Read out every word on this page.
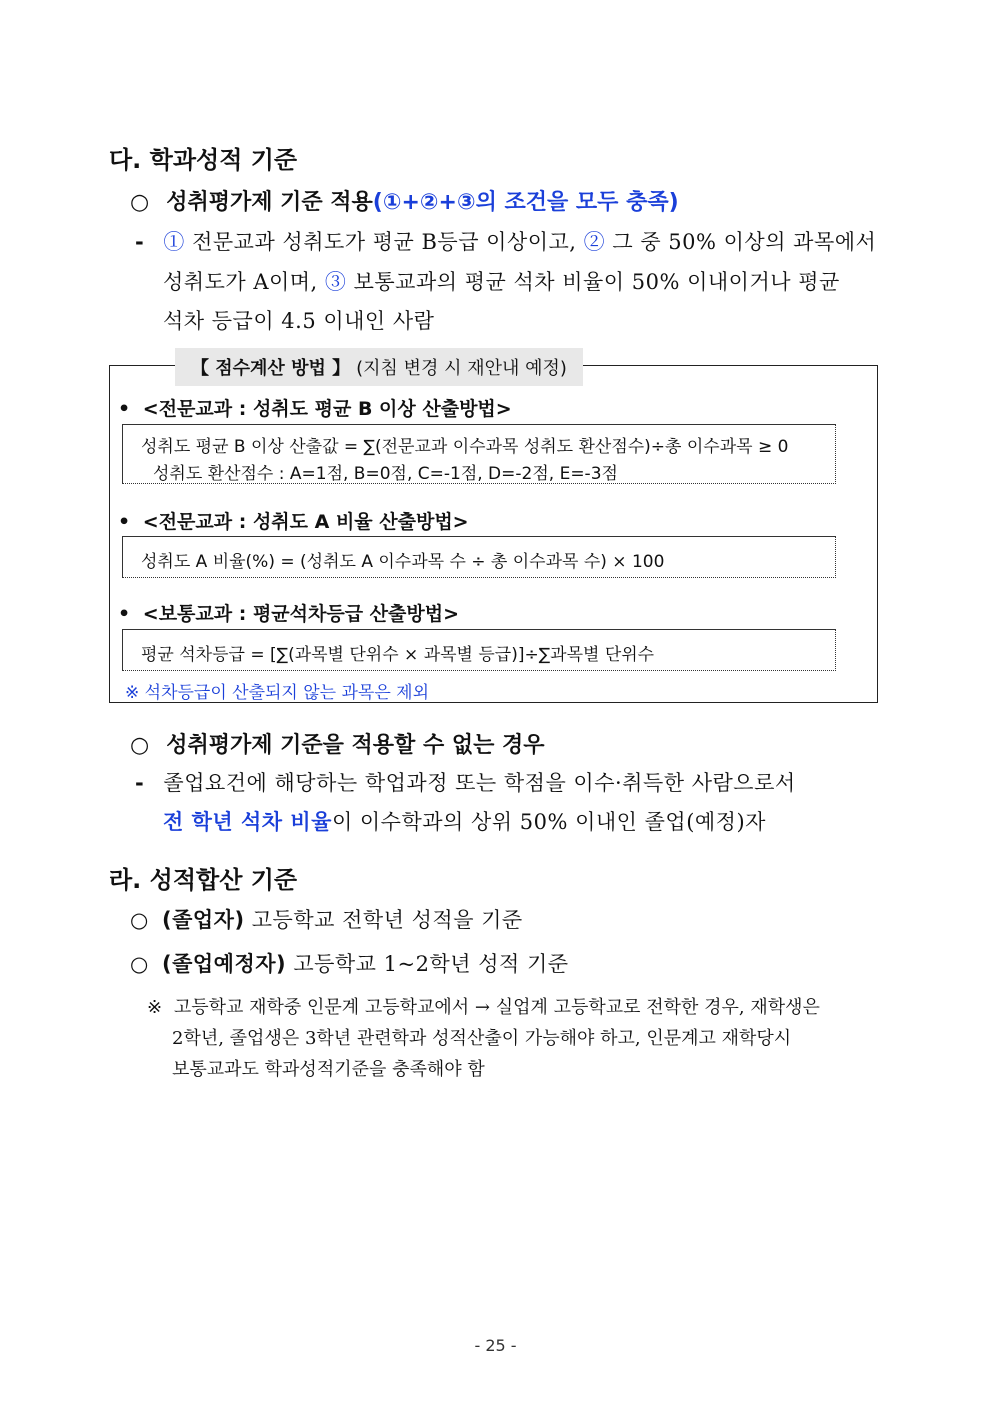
다. 학과성적 기준
○ 성취평가제 기준 적용(①+②+③의 조건을 모두 충족)
- ① 전문교과 성취도가 평균 B등급 이상이고, ② 그 중 50% 이상의 과목에서
성취도가 A이며, ③ 보통교과의 평균 석차 비율이 50% 이내이거나 평균
석차 등급이 4.5 이내인 사람
【 점수계산 방법 】 (지침 변경 시 재안내 예정)
• <전문교과 : 성취도 평균 B 이상 산출방법>
성취도 평균 B 이상 산출값 = ∑(전문교과 이수과목 성취도 환산점수)÷총 이수과목 ≥ 0
성취도 환산점수 : A=1점, B=0점, C=-1점, D=-2점, E=-3점
• <전문교과 : 성취도 A 비율 산출방법>
성취도 A 비율(%) = (성취도 A 이수과목 수 ÷ 총 이수과목 수) × 100
• <보통교과 : 평균석차등급 산출방법>
평균 석차등급 = [∑(과목별 단위수 × 과목별 등급)]÷∑과목별 단위수
※ 석차등급이 산출되지 않는 과목은 제외
○ 성취평가제 기준을 적용할 수 없는 경우
- 졸업요건에 해당하는 학업과정 또는 학점을 이수·취득한 사람으로서
전 학년 석차 비율이 이수학과의 상위 50% 이내인 졸업(예정)자
라. 성적합산 기준
○ (졸업자) 고등학교 전학년 성적을 기준
○ (졸업예정자) 고등학교 1~2학년 성적 기준
※ 고등학교 재학중 인문계 고등학교에서 → 실업계 고등학교로 전학한 경우, 재학생은
2학년, 졸업생은 3학년 관련학과 성적산출이 가능해야 하고, 인문계고 재학당시
보통교과도 학과성적기준을 충족해야 함
- 25 -
